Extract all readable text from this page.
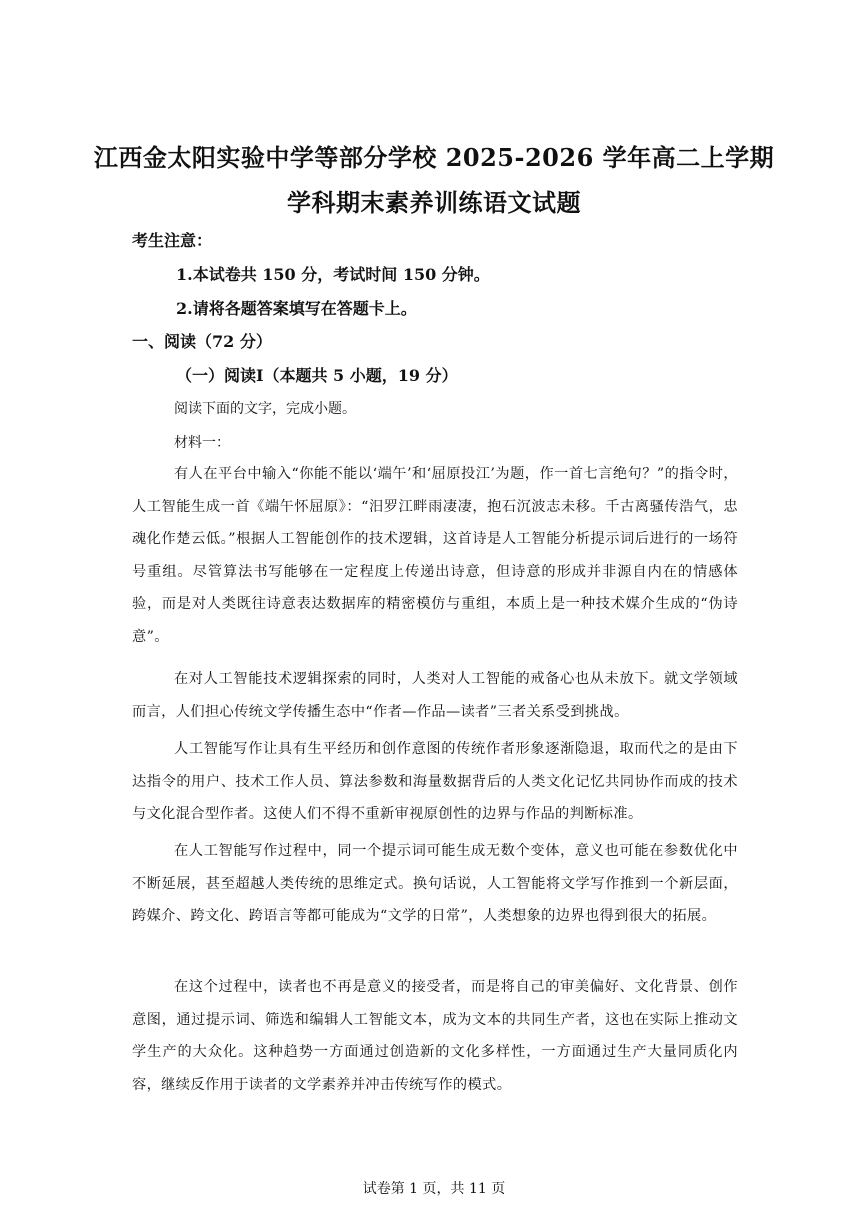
江西金太阳实验中学等部分学校 2025-2026 学年高二上学期
学科期末素养训练语文试题
考生注意：
1.本试卷共 150 分，考试时间 150 分钟。
2.请将各题答案填写在答题卡上。
一、阅读（72 分）
（一）阅读I（本题共 5 小题，19 分）
阅读下面的文字，完成小题。
材料一：

有人在平台中输入“你能不能以‘端午’和‘屈原投江’为题，作一首七言绝句？”的指令时，人工智能生成一首《端午怀屈原》：“汨罗江畔雨凄凄，抱石沉波志未移。千古离骚传浩气，忠魂化作楚云低。”根据人工智能创作的技术逻辑，这首诗是人工智能分析提示词后进行的一场符号重组。尽管算法书写能够在一定程度上传递出诗意，但诗意的形成并非源自内在的情感体验，而是对人类既往诗意表达数据库的精密模仿与重组，本质上是一种技术媒介生成的“伪诗意”。

在对人工智能技术逻辑探索的同时，人类对人工智能的戒备心也从未放下。就文学领域而言，人们担心传统文学传播生态中“作者—作品—读者”三者关系受到挑战。

人工智能写作让具有生平经历和创作意图的传统作者形象逐渐隐退，取而代之的是由下达指令的用户、技术工作人员、算法参数和海量数据背后的人类文化记忆共同协作而成的技术与文化混合型作者。这使人们不得不重新审视原创性的边界与作品的判断标准。

在人工智能写作过程中，同一个提示词可能生成无数个变体，意义也可能在参数优化中不断延展，甚至超越人类传统的思维定式。换句话说，人工智能将文学写作推到一个新层面，跨媒介、跨文化、跨语言等都可能成为“文学的日常”，人类想象的边界也得到很大的拓展。

在这个过程中，读者也不再是意义的接受者，而是将自己的审美偏好、文化背景、创作意图，通过提示词、筛选和编辑人工智能文本，成为文本的共同生产者，这也在实际上推动文学生产的大众化。这种趋势一方面通过创造新的文化多样性，一方面通过生产大量同质化内容，继续反作用于读者的文学素养并冲击传统写作的模式。

试卷第 1 页，共 11 页
